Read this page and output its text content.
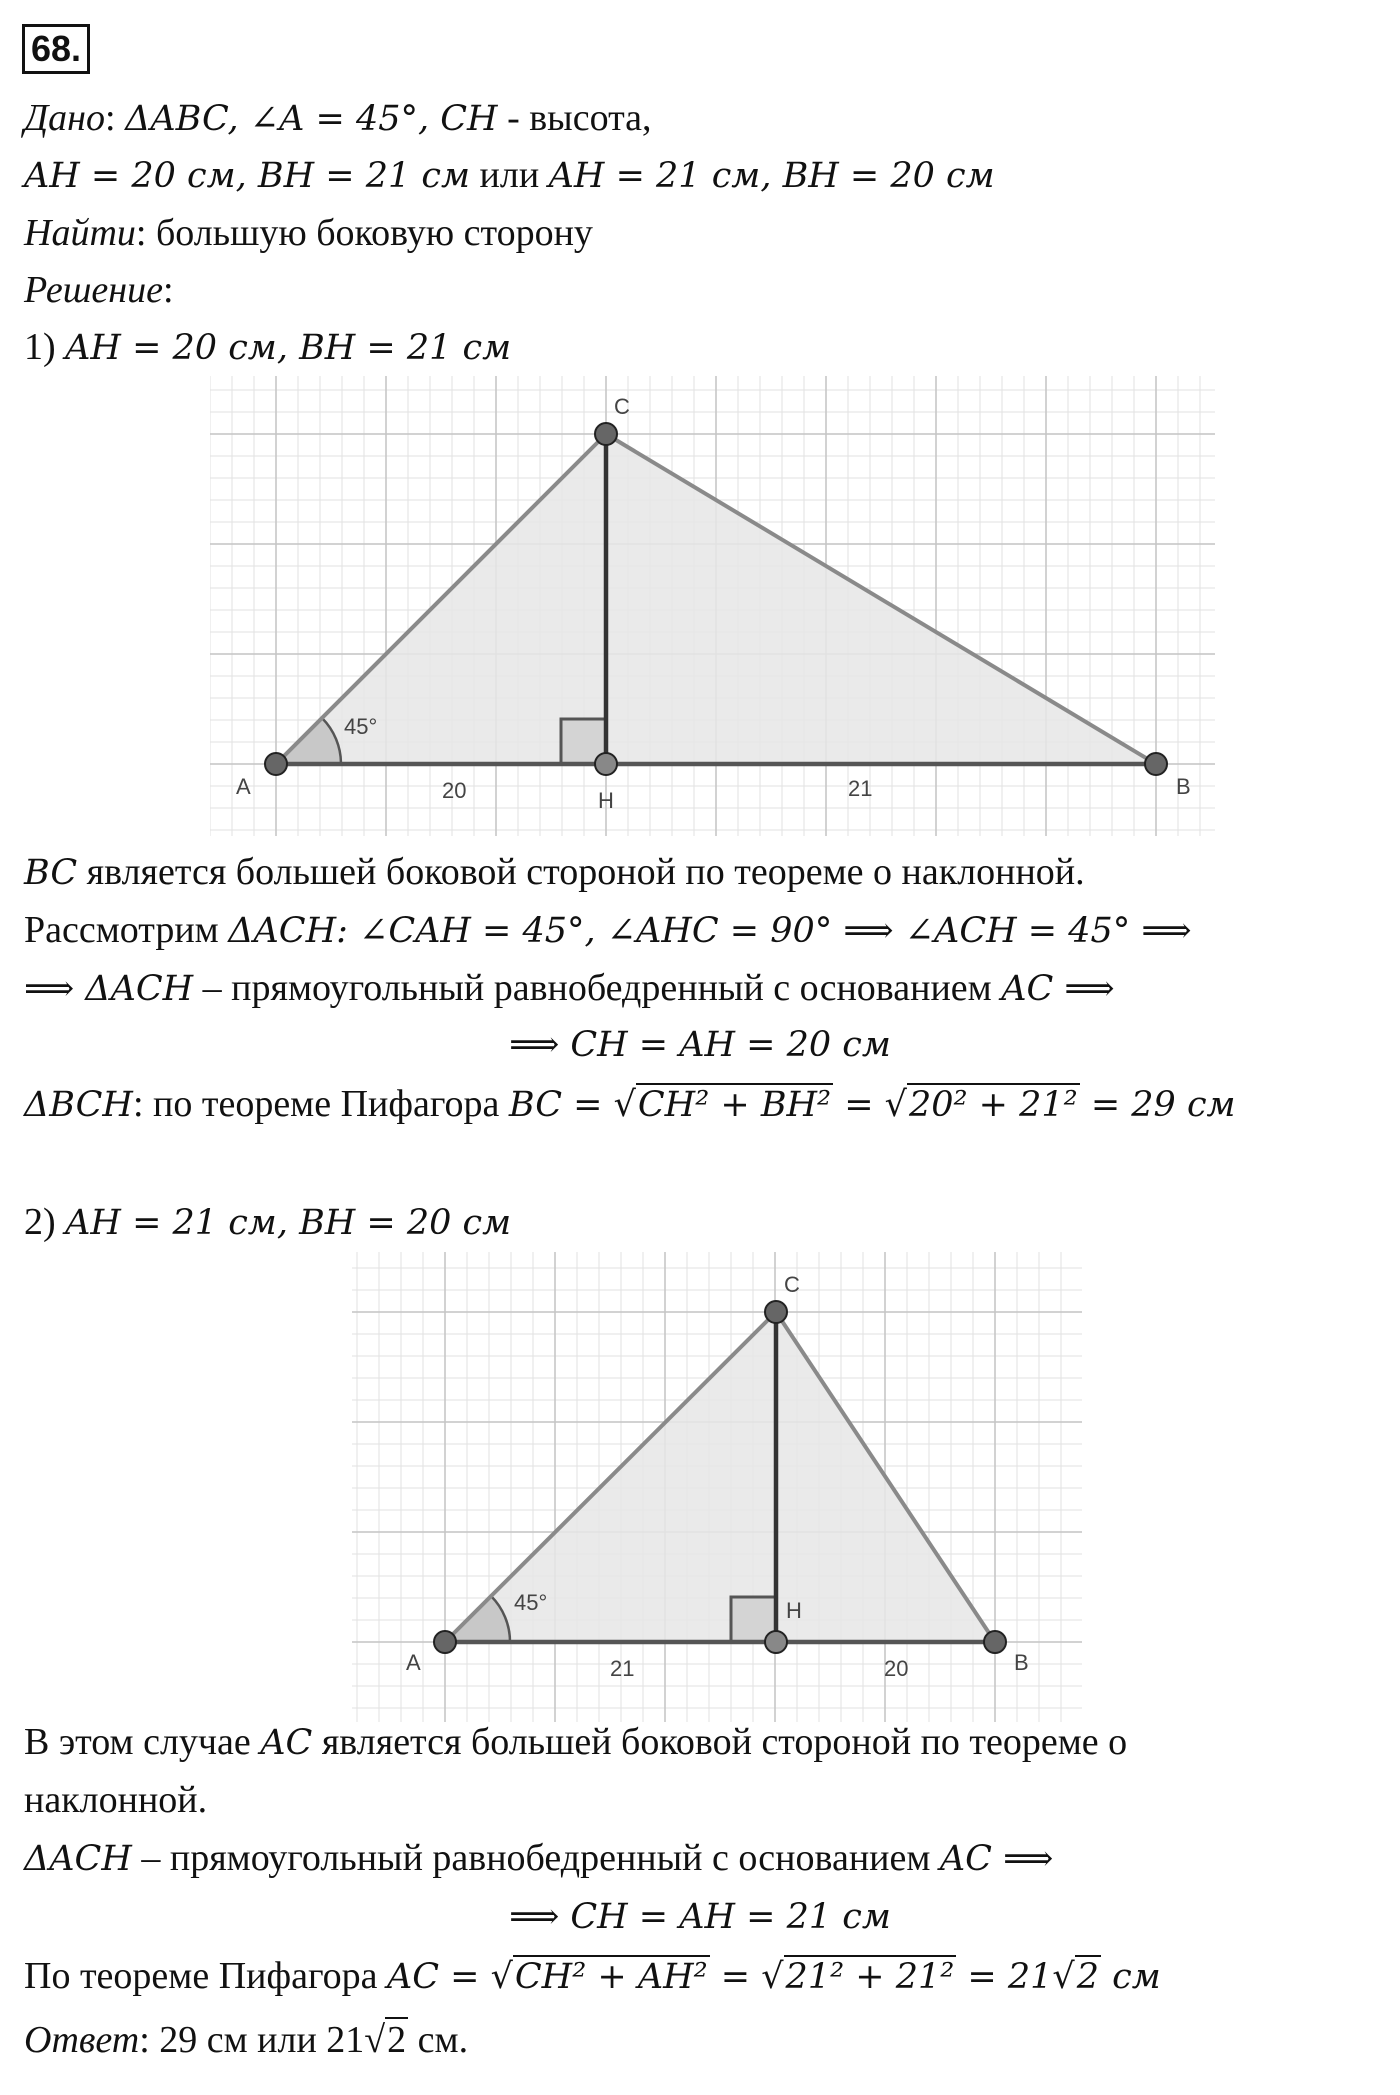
68.
Дано: ΔABC, ∠A = 45°, CH - высота,
AH = 20 см, BH = 21 см или AH = 21 см, BH = 20 см
Найти: большую боковую сторону
Решение:
1) AH = 20 см, BH = 21 см
A
C
H
B
45°
20	21
BC является большей боковой стороной по теореме о наклонной.
Рассмотрим ΔACH: ∠CAH = 45°, ∠AHC = 90° ⟹ ∠ACH = 45° ⟹
⟹ ΔACH – прямоугольный равнобедренный с основанием AC ⟹
⟹ CH = AH = 20 см
ΔBCH: по теореме Пифагора BC = √CH² + BH² = √20² + 21² = 29 см
2) AH = 21 см, BH = 20 см
A
C
H
B
45°
21	20
В этом случае AC является большей боковой стороной по теореме о
наклонной.
ΔACH – прямоугольный равнобедренный с основанием AC ⟹
⟹ CH = AH = 21 см
По теореме Пифагора AC = √CH² + AH² = √21² + 21² = 21√2 см
Ответ: 29 см или 21√2 см.
